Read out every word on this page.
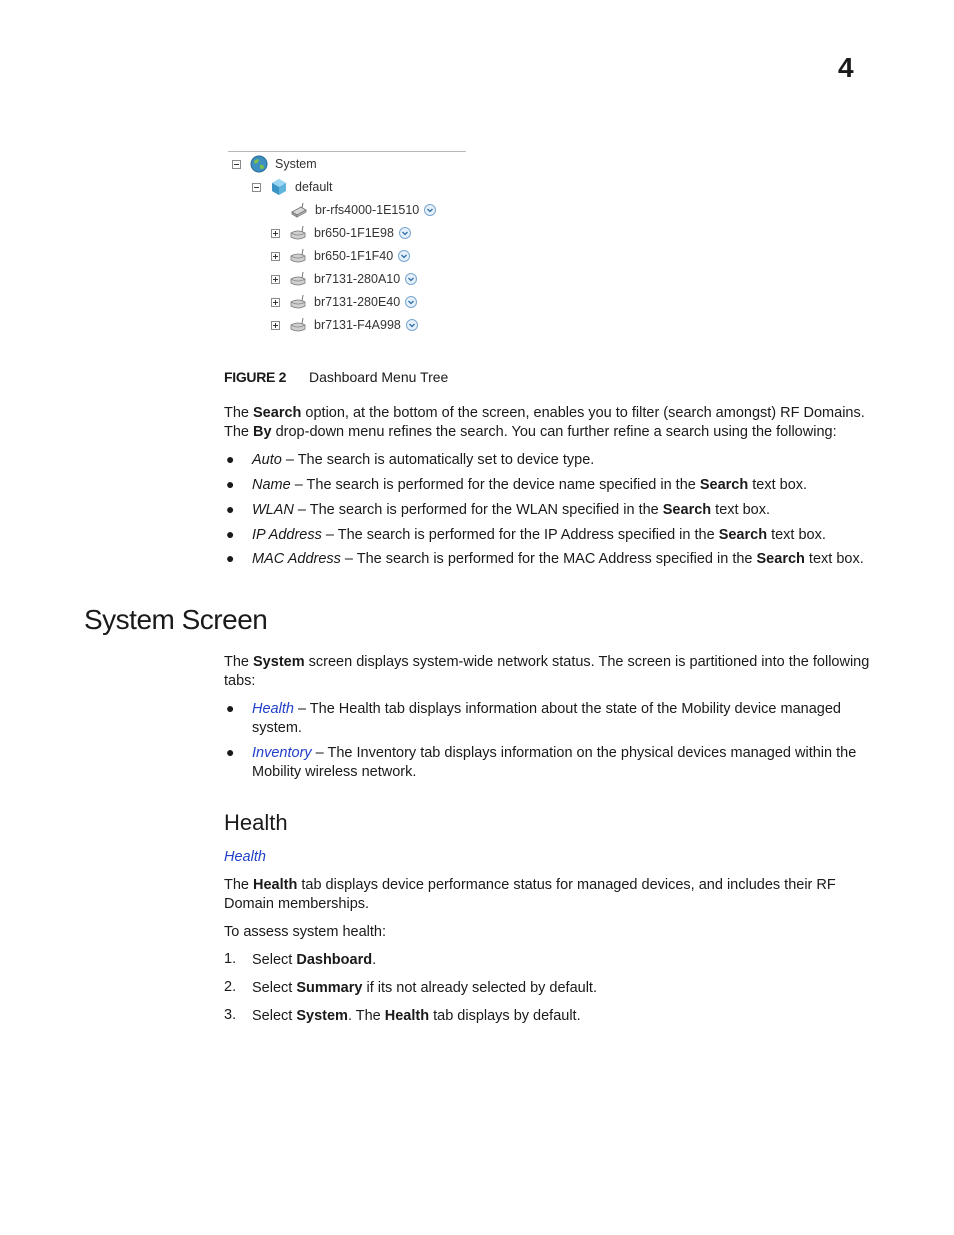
4
System
default
br-rfs4000-1E1510
br650-1F1E98
br650-1F1F40
br7131-280A10
br7131-280E40
br7131-F4A998
FIGURE 2 Dashboard Menu Tree
The Search option, at the bottom of the screen, enables you to filter (search amongst) RF Domains. The By drop-down menu refines the search. You can further refine a search using the following:
● Auto – The search is automatically set to device type.
● Name – The search is performed for the device name specified in the Search text box.
● WLAN – The search is performed for the WLAN specified in the Search text box.
● IP Address – The search is performed for the IP Address specified in the Search text box.
● MAC Address – The search is performed for the MAC Address specified in the Search text box.
System Screen
The System screen displays system-wide network status. The screen is partitioned into the following tabs:
● Health – The Health tab displays information about the state of the Mobility device managed system.
● Inventory – The Inventory tab displays information on the physical devices managed within the Mobility wireless network.
Health
Health
The Health tab displays device performance status for managed devices, and includes their RF Domain memberships.
To assess system health:
1. Select Dashboard.
2. Select Summary if its not already selected by default.
3. Select System. The Health tab displays by default.
